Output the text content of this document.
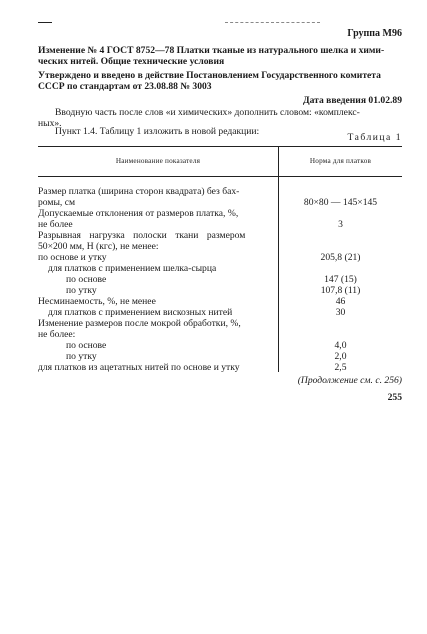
Группа М96
Изменение № 4 ГОСТ 8752—78 Платки тканые из натурального шелка и хими-
ческих нитей. Общие технические условия
Утверждено и введено в действие Постановлением Государственного комитета
СССР по стандартам от 23.08.88 № 3003
Дата введения 01.02.89
Вводную часть после слов «и химических» дополнить словом: «комплекс-
ных».
Пункт 1.4. Таблицу 1 изложить в новой редакции:
Таблица 1
Наименование показателя	Норма для платков
Размер платка (ширина сторон квадрата) без бах-
ромы, см	80×80 — 145×145
Допускаемые отклонения от размеров платка, %,
не более	3
Разрывная нагрузка полоски ткани размером
50×200 мм, Н (кгс), не менее:
по основе и утку	205,8 (21)
для платков с применением шелка-сырца
по основе	147 (15)
по утку	107,8 (11)
Несминаемость, %, не менее	46
для платков с применением вискозных нитей	30
Изменение размеров после мокрой обработки, %,
не более:
по основе	4,0
по утку	2,0
для платков из ацетатных нитей по основе и утку	2,5
(Продолжение см. с. 256)
255
